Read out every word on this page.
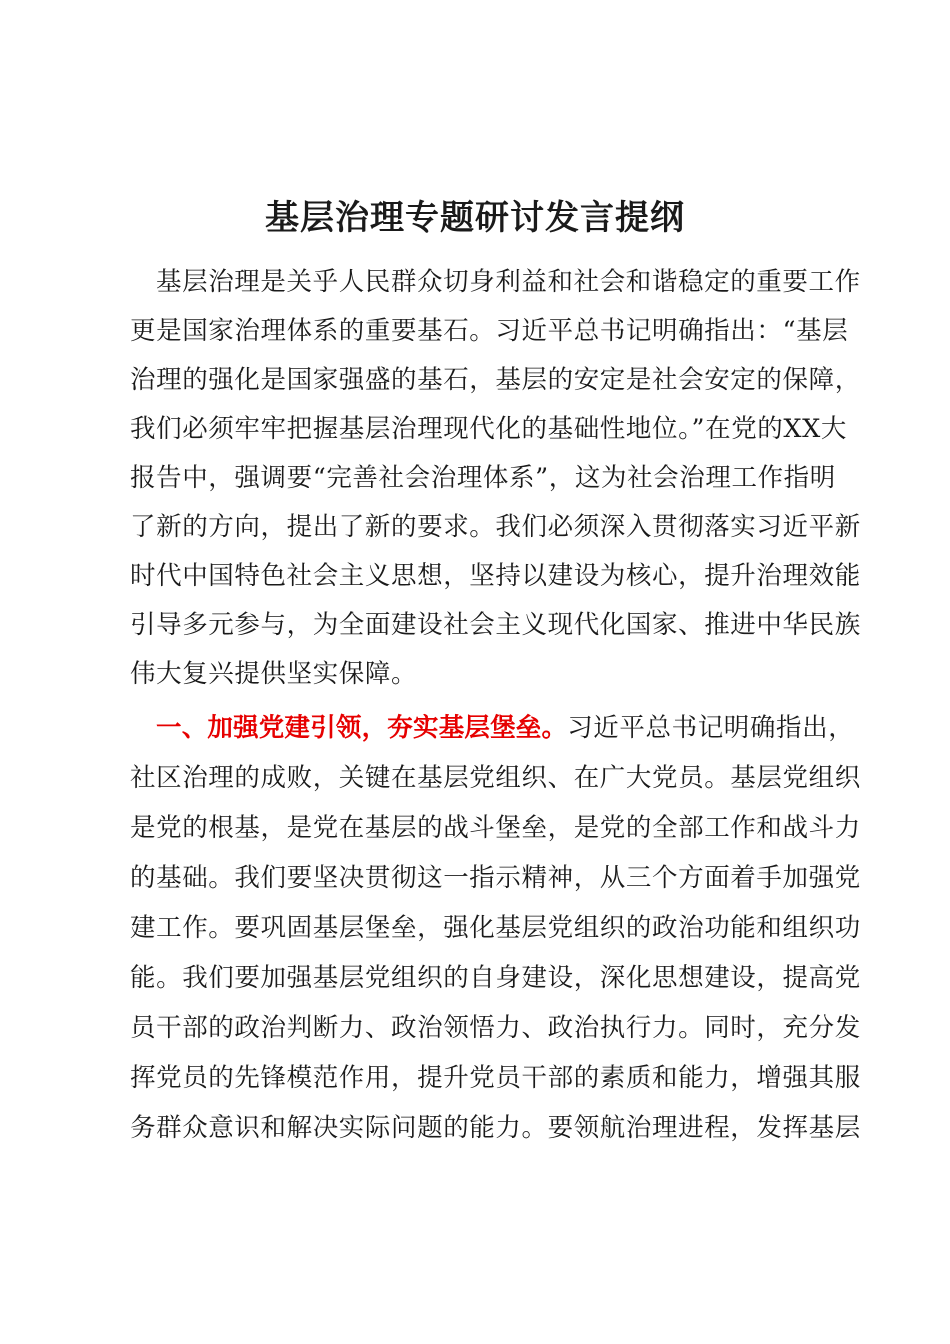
基层治理专题研讨发言提纲

基层治理是关乎人民群众切身利益和社会和谐稳定的重要工作

更是国家治理体系的重要基石。习近平总书记明确指出：“基层

治理的强化是国家强盛的基石，基层的安定是社会安定的保障，

我们必须牢牢把握基层治理现代化的基础性地位。”在党的XX大

报告中，强调要“完善社会治理体系”，这为社会治理工作指明

了新的方向，提出了新的要求。我们必须深入贯彻落实习近平新

时代中国特色社会主义思想，坚持以建设为核心，提升治理效能

引导多元参与，为全面建设社会主义现代化国家、推进中华民族

伟大复兴提供坚实保障。

一、加强党建引领，夯实基层堡垒。习近平总书记明确指出，

社区治理的成败，关键在基层党组织、在广大党员。基层党组织

是党的根基，是党在基层的战斗堡垒，是党的全部工作和战斗力

的基础。我们要坚决贯彻这一指示精神，从三个方面着手加强党

建工作。要巩固基层堡垒，强化基层党组织的政治功能和组织功

能。我们要加强基层党组织的自身建设，深化思想建设，提高党

员干部的政治判断力、政治领悟力、政治执行力。同时，充分发

挥党员的先锋模范作用，提升党员干部的素质和能力，增强其服

务群众意识和解决实际问题的能力。要领航治理进程，发挥基层
